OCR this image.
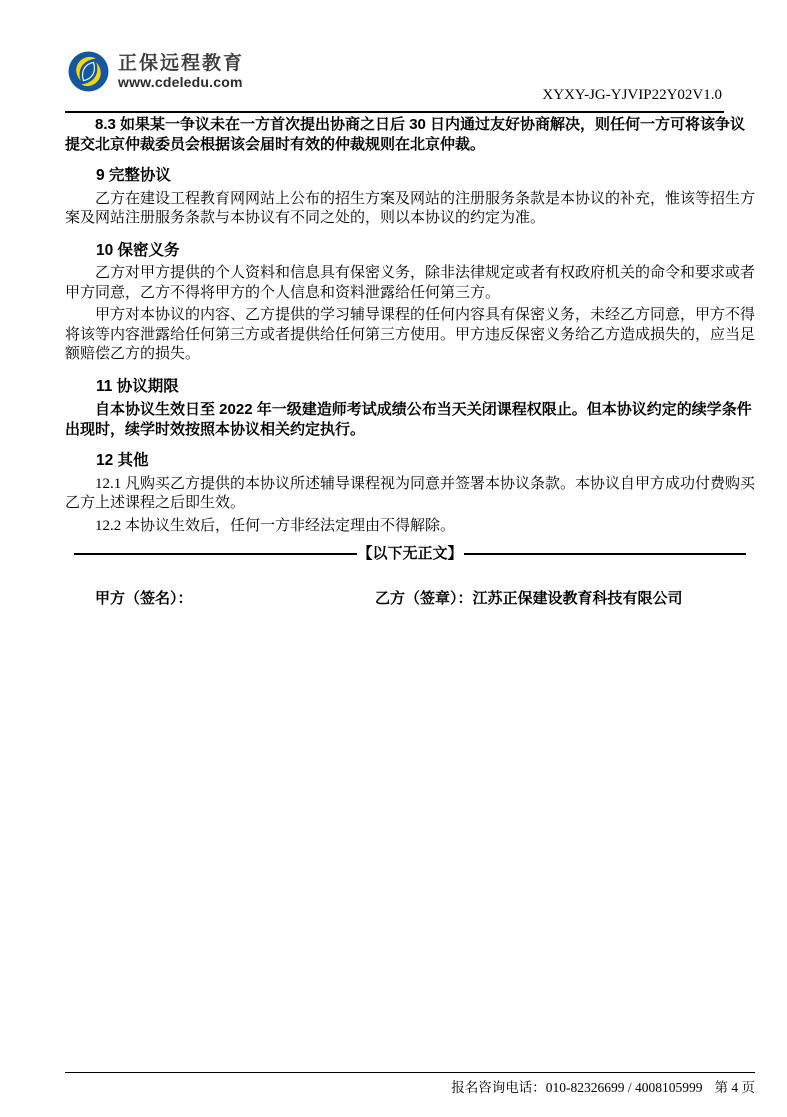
正保远程教育
www.cdeledu.com
XYXY-JG-YJVIP22Y02V1.0

8.3 如果某一争议未在一方首次提出协商之日后 30 日内通过友好协商解决，则任何一方可将该争议提交北京仲裁委员会根据该会届时有效的仲裁规则在北京仲裁。

9 完整协议

乙方在建设工程教育网网站上公布的招生方案及网站的注册服务条款是本协议的补充，惟该等招生方案及网站注册服务条款与本协议有不同之处的，则以本协议的约定为准。

10 保密义务

乙方对甲方提供的个人资料和信息具有保密义务，除非法律规定或者有权政府机关的命令和要求或者甲方同意，乙方不得将甲方的个人信息和资料泄露给任何第三方。

甲方对本协议的内容、乙方提供的学习辅导课程的任何内容具有保密义务，未经乙方同意，甲方不得将该等内容泄露给任何第三方或者提供给任何第三方使用。甲方违反保密义务给乙方造成损失的，应当足额赔偿乙方的损失。

11 协议期限

自本协议生效日至 2022 年一级建造师考试成绩公布当天关闭课程权限止。但本协议约定的续学条件出现时，续学时效按照本协议相关约定执行。

12 其他

12.1 凡购买乙方提供的本协议所述辅导课程视为同意并签署本协议条款。本协议自甲方成功付费购买乙方上述课程之后即生效。

12.2 本协议生效后，任何一方非经法定理由不得解除。

【以下无正文】
甲方（签名）：	乙方（签章）：江苏正保建设教育科技有限公司
报名咨询电话：010-82326699 / 4008105999 第 4 页
